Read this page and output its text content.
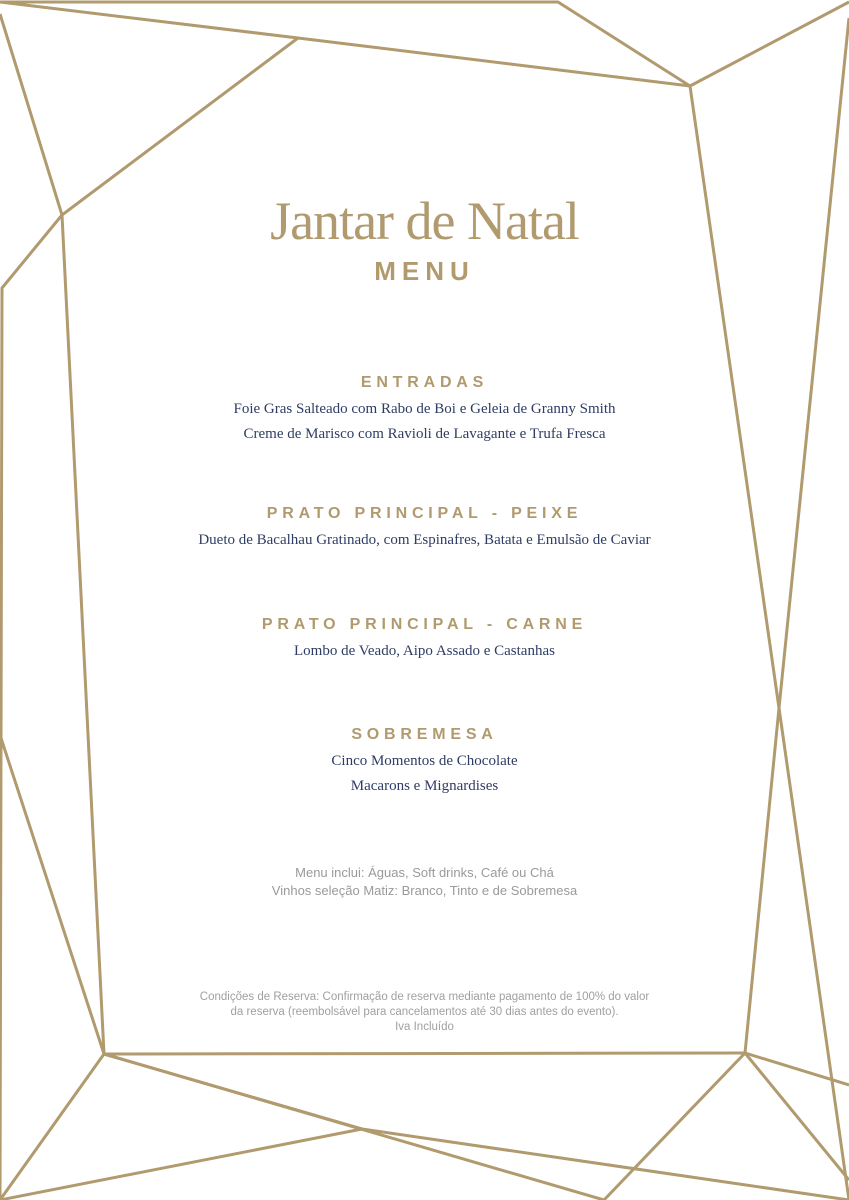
Jantar de Natal
MENU
ENTRADAS
Foie Gras Salteado com Rabo de Boi e Geleia de Granny Smith
Creme de Marisco com Ravioli de Lavagante e Trufa Fresca
PRATO PRINCIPAL - PEIXE
Dueto de Bacalhau Gratinado, com Espinafres, Batata e Emulsão de Caviar
PRATO PRINCIPAL - CARNE
Lombo de Veado, Aipo Assado e Castanhas
SOBREMESA
Cinco Momentos de Chocolate
Macarons e Mignardises
Menu inclui: Águas, Soft drinks, Café ou Chá
Vinhos seleção Matiz: Branco, Tinto e de Sobremesa
Condições de Reserva: Confirmação de reserva mediante pagamento de 100% do valor
da reserva (reembolsável para cancelamentos até 30 dias antes do evento).
Iva Incluído
